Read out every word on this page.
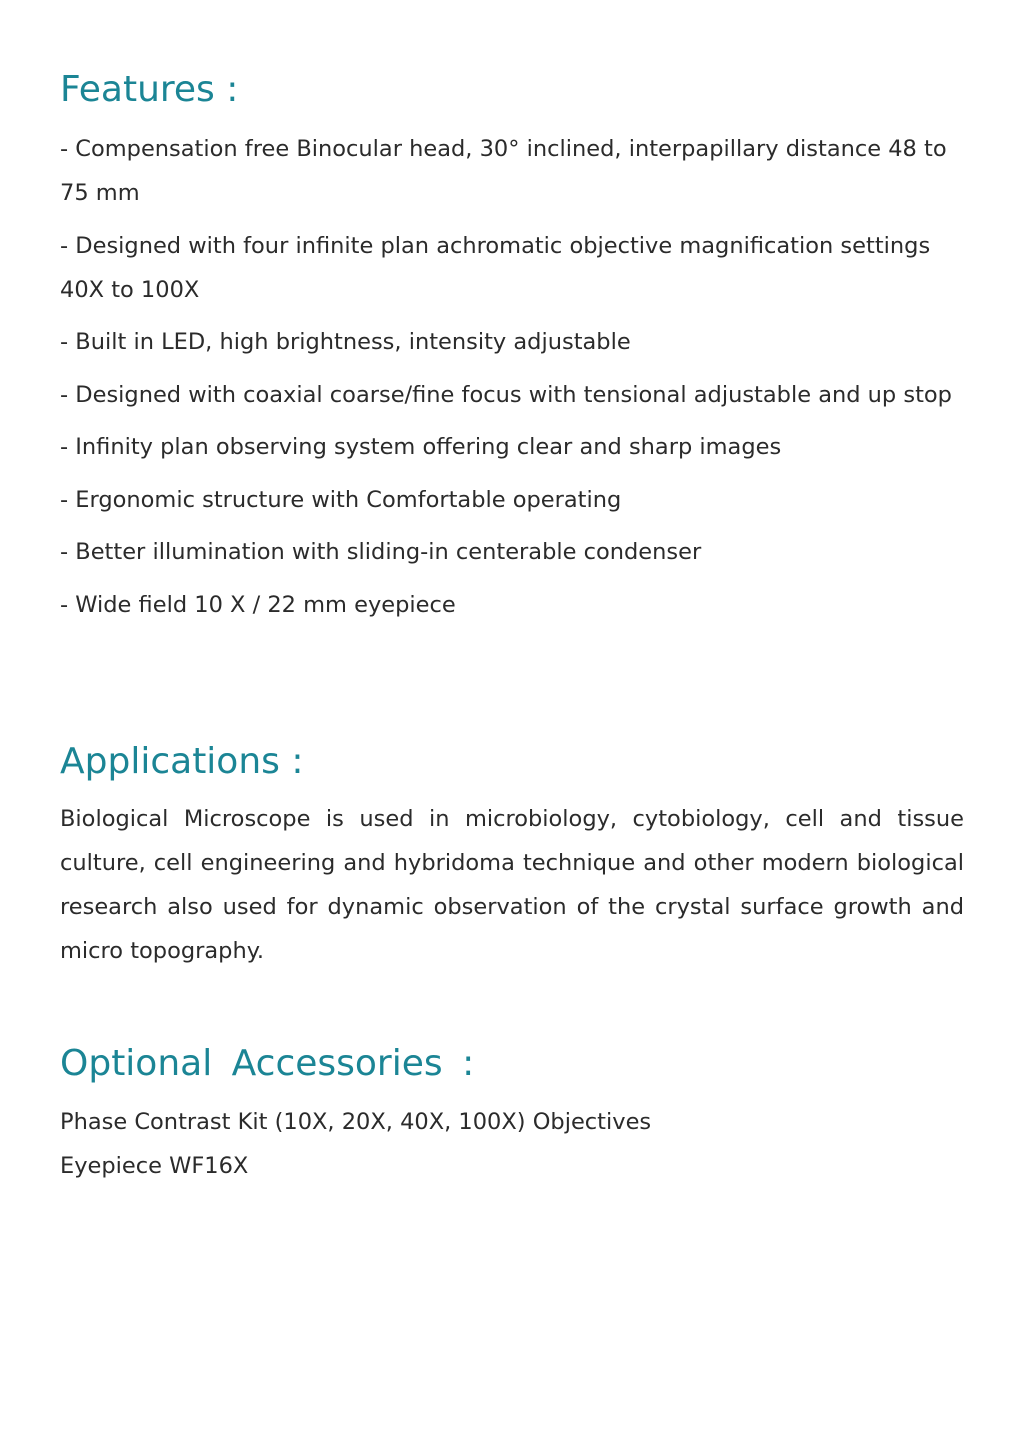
Features :
- Compensation free Binocular head, 30° inclined, interpapillary distance 48 to 75 mm
- Designed with four infinite plan achromatic objective magnification settings 40X to 100X
- Built in LED, high brightness, intensity adjustable
- Designed with coaxial coarse/fine focus with tensional adjustable and up stop
- Infinity plan observing system offering clear and sharp images
- Ergonomic structure with Comfortable operating
- Better illumination with sliding-in centerable condenser
- Wide field 10 X / 22 mm eyepiece
Applications :

Biological Microscope is used in microbiology, cytobiology, cell and tissue culture, cell engineering and hybridoma technique and other modern biological research also used for dynamic observation of the crystal surface growth and micro topography.

Optional Accessories :
Phase Contrast Kit (10X, 20X, 40X, 100X) Objectives
Eyepiece WF16X
